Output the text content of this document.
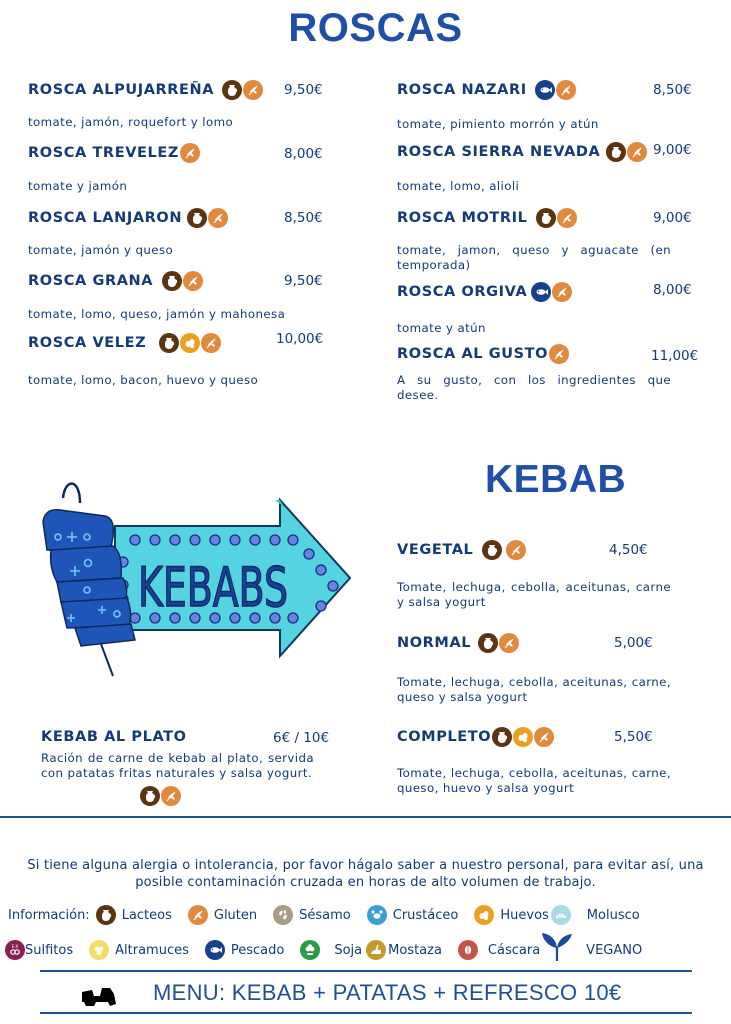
ROSCAS
ROSCA ALPUJARREÑA	9,50€
tomate, jamón, roquefort y lomo
ROSCA TREVELEZ	8,00€
tomate y jamón
ROSCA LANJARON	8,50€
tomate, jamón y queso
ROSCA GRANA	9,50€
tomate, lomo, queso, jamón y mahonesa
ROSCA VELEZ	10,00€
tomate, lomo, bacon, huevo y queso
ROSCA NAZARI	8,50€
tomate, pimiento morrón y atún
ROSCA SIERRA NEVADA	9,00€
tomate, lomo, alioli
ROSCA MOTRIL	9,00€
tomate, jamon, queso y aguacate (en temporada)
ROSCA ORGIVA	8,00€
tomate y atún
ROSCA AL GUSTO	11,00€
A su gusto, con los ingredientes que desee.
KEBABS
KEBAB
VEGETAL	4,50€
Tomate, lechuga, cebolla, aceitunas, carne y salsa yogurt
NORMAL	5,00€
Tomate, lechuga, cebolla, aceitunas, carne, queso y salsa yogurt
COMPLETO	5,50€
Tomate, lechuga, cebolla, aceitunas, carne, queso, huevo y salsa yogurt
KEBAB AL PLATO	6€ / 10€
Ración de carne de kebab al plato, servida con patatas fritas naturales y salsa yogurt.
Si tiene alguna alergia o intolerancia, por favor hágalo saber a nuestro personal, para evitar así, una posible contaminación cruzada en horas de alto volumen de trabajo.
Información: Lacteos	Gluten	Sésamo	Crustáceo	Huevos	Molusco
Sulfitos	Altramuces	Pescado	Soja Mostaza	Cáscara	VEGANO
MENU: KEBAB + PATATAS + REFRESCO 10€
